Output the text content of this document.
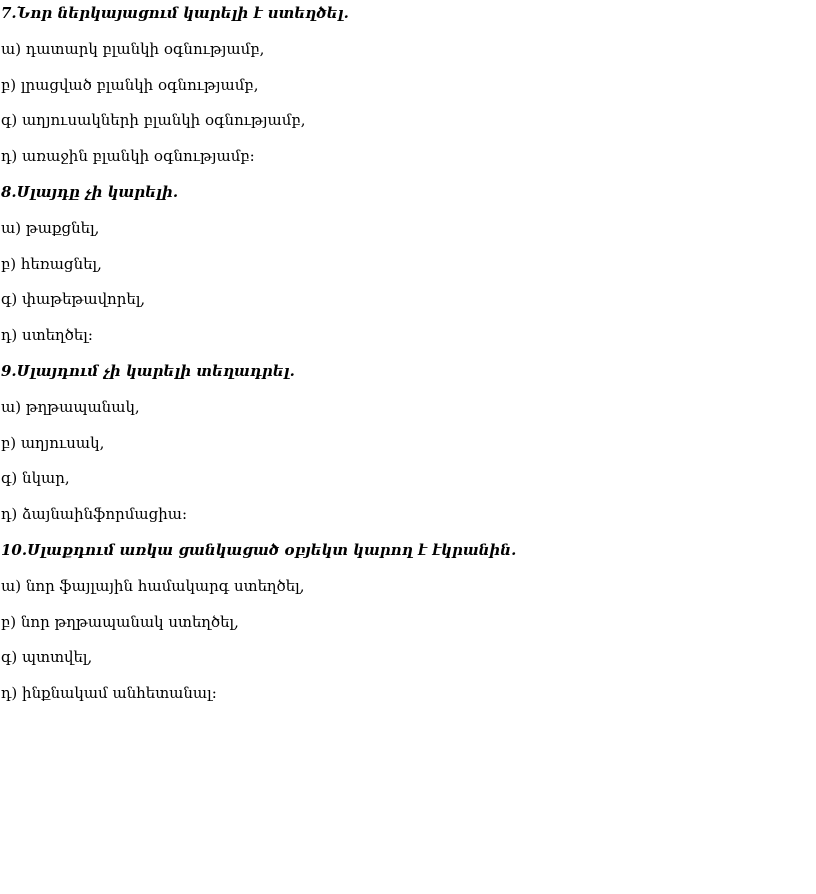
7.Նոր ներկայացում կարելի է ստեղծել.
ա) դատարկ բլանկի օգնությամբ,
բ) լրացված բլանկի օգնությամբ,
գ) աղյուսակների բլանկի օգնությամբ,
դ) առաջին բլանկի օգնությամբ:
8.Սլայդը չի կարելի.
ա) թաքցնել,
բ) հեռացնել,
գ) փաթեթավորել,
դ) ստեղծել:
9.Սլայդում չի կարելի տեղադրել.
ա) թղթապանակ,
բ) աղյուսակ,
գ) նկար,
դ) ձայնաինֆորմացիա:
10.Սլաքդում առկա ցանկացած օբյեկտ կարող է էկրանին.
ա) նոր ֆայլային համակարգ ստեղծել,
բ) նոր թղթապանակ ստեղծել,
գ) պտտվել,
դ) ինքնակամ անհետանալ:
